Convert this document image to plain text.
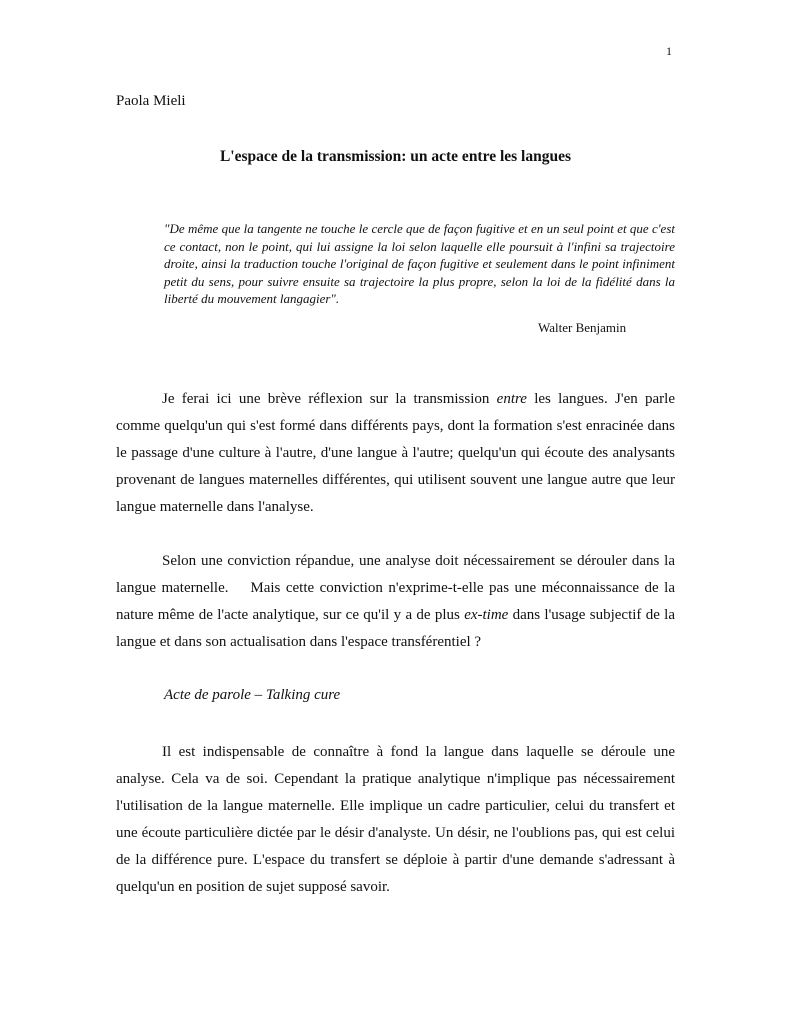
1
Paola Mieli
L'espace de la transmission: un acte entre les langues
"De même que la tangente ne touche le cercle que de façon fugitive et en un seul point et que c'est ce contact, non le point, qui lui assigne la loi selon laquelle elle poursuit à l'infini sa trajectoire droite, ainsi la traduction touche l'original de façon fugitive et seulement dans le point infiniment petit du sens, pour suivre ensuite sa trajectoire la plus propre, selon la loi de la fidélité dans la liberté du mouvement langagier".
Walter Benjamin

Je ferai ici une brève réflexion sur la transmission entre les langues. J'en parle comme quelqu'un qui s'est formé dans différents pays, dont la formation s'est enracinée dans le passage d'une culture à l'autre, d'une langue à l'autre; quelqu'un qui écoute des analysants provenant de langues maternelles différentes, qui utilisent souvent une langue autre que leur langue maternelle dans l'analyse.

Selon une conviction répandue, une analyse doit nécessairement se dérouler dans la langue maternelle.    Mais cette conviction n'exprime-t-elle pas une méconnaissance de la nature même de l'acte analytique, sur ce qu'il y a de plus ex-time dans l'usage subjectif de la langue et dans son actualisation dans l'espace transférentiel ?

Acte de parole – Talking cure

Il est indispensable de connaître à fond la langue dans laquelle se déroule une analyse. Cela va de soi. Cependant la pratique analytique n'implique pas nécessairement l'utilisation de la langue maternelle. Elle implique un cadre particulier, celui du transfert et une écoute particulière dictée par le désir d'analyste. Un désir, ne l'oublions pas, qui est celui de la différence pure. L'espace du transfert se déploie à partir d'une demande s'adressant à quelqu'un en position de sujet supposé savoir.
